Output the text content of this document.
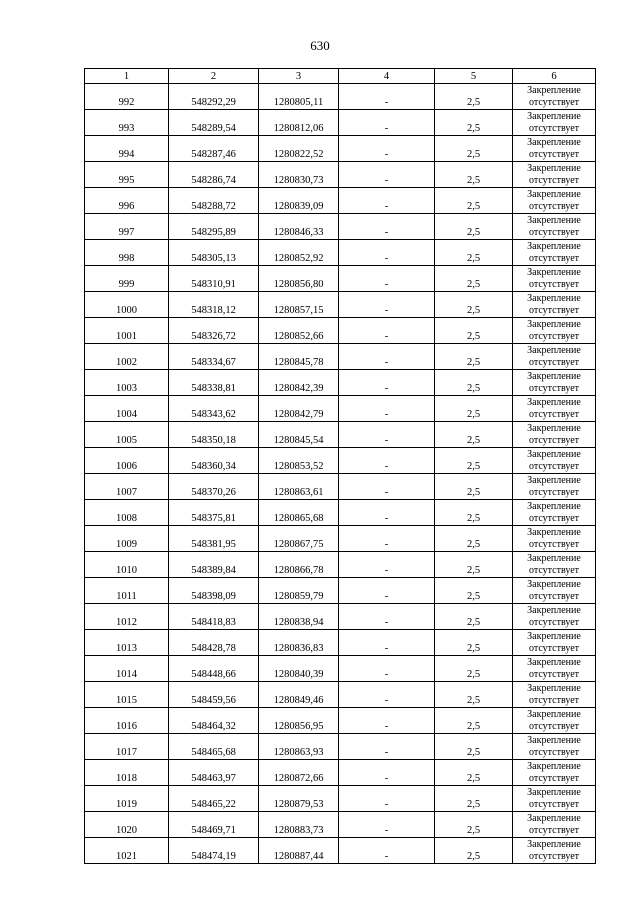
630
1	2	3	4	5	6
992	548292,29	1280805,11	-	2,5	Закрепление
отсутствует

993	548289,54	1280812,06	-	2,5	Закрепление
отсутствует

994	548287,46	1280822,52	-	2,5	Закрепление
отсутствует

995	548286,74	1280830,73	-	2,5	Закрепление
отсутствует

996	548288,72	1280839,09	-	2,5	Закрепление
отсутствует

997	548295,89	1280846,33	-	2,5	Закрепление
отсутствует

998	548305,13	1280852,92	-	2,5	Закрепление
отсутствует

999	548310,91	1280856,80	-	2,5	Закрепление
отсутствует

1000	548318,12	1280857,15	-	2,5	Закрепление
отсутствует

1001	548326,72	1280852,66	-	2,5	Закрепление
отсутствует

1002	548334,67	1280845,78	-	2,5	Закрепление
отсутствует

1003	548338,81	1280842,39	-	2,5	Закрепление
отсутствует

1004	548343,62	1280842,79	-	2,5	Закрепление
отсутствует

1005	548350,18	1280845,54	-	2,5	Закрепление
отсутствует

1006	548360,34	1280853,52	-	2,5	Закрепление
отсутствует

1007	548370,26	1280863,61	-	2,5	Закрепление
отсутствует

1008	548375,81	1280865,68	-	2,5	Закрепление
отсутствует

1009	548381,95	1280867,75	-	2,5	Закрепление
отсутствует

1010	548389,84	1280866,78	-	2,5	Закрепление
отсутствует

1011	548398,09	1280859,79	-	2,5	Закрепление
отсутствует

1012	548418,83	1280838,94	-	2,5	Закрепление
отсутствует

1013	548428,78	1280836,83	-	2,5	Закрепление
отсутствует

1014	548448,66	1280840,39	-	2,5	Закрепление
отсутствует

1015	548459,56	1280849,46	-	2,5	Закрепление
отсутствует

1016	548464,32	1280856,95	-	2,5	Закрепление
отсутствует

1017	548465,68	1280863,93	-	2,5	Закрепление
отсутствует

1018	548463,97	1280872,66	-	2,5	Закрепление
отсутствует

1019	548465,22	1280879,53	-	2,5	Закрепление
отсутствует

1020	548469,71	1280883,73	-	2,5	Закрепление
отсутствует

1021	548474,19	1280887,44	-	2,5	Закрепление
отсутствует
